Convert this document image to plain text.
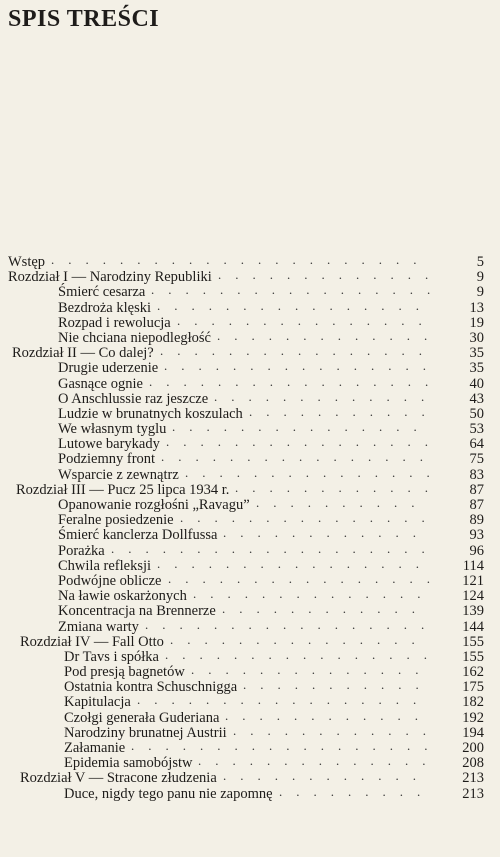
SPIS TREŚCI
Wstęp ......................	5
Rozdział I — Narodziny Republiki ............. 9
Śmierć cesarza ................. 9
Bezdroża klęski ................	13
Rozpad i rewolucja ............... 19
Nie chciana niepodległość ............. 30
Rozdział II — Co dalej? ................ 35
Drugie uderzenie ................ 35
Gasnące ognie ................. 40
O Anschlussie raz jeszcze ............. 43
Ludzie w brunatnych koszulach ........... 50
We własnym tyglu ...............	53
Lutowe barykady ................ 64
Podziemny front ................ 75
Wsparcie z zewnątrz ............... 83
Rozdział III — Pucz 25 lipca 1934 r. ............ 87
Opanowanie rozgłośni „Ravagu” ..........	87
Feralne posiedzenie ............... 89
Śmierć kanclerza Dollfussa ............	93
Porażka ................... 96
Chwila refleksji ................ 114
Podwójne oblicze ................ 121
Na ławie oskarżonych .............. 124
Koncentracja na Brennerze ............ 139
Zmiana warty ................. 144
Rozdział IV — Fall Otto ............... 155
Dr Tavs i spółka ................ 155
Pod presją bagnetów .............. 162
Ostatnia kontra Schuschnigga ........... 175
Kapitulacja ................. 182
Czołgi generała Guderiana ............ 192
Narodziny brunatnej Austrii ............ 194
Załamanie .................. 200
Epidemia samobójstw .............. 208
Rozdział V — Stracone złudzenia ............ 213
Duce, nigdy tego panu nie zapomnę ......... 213
